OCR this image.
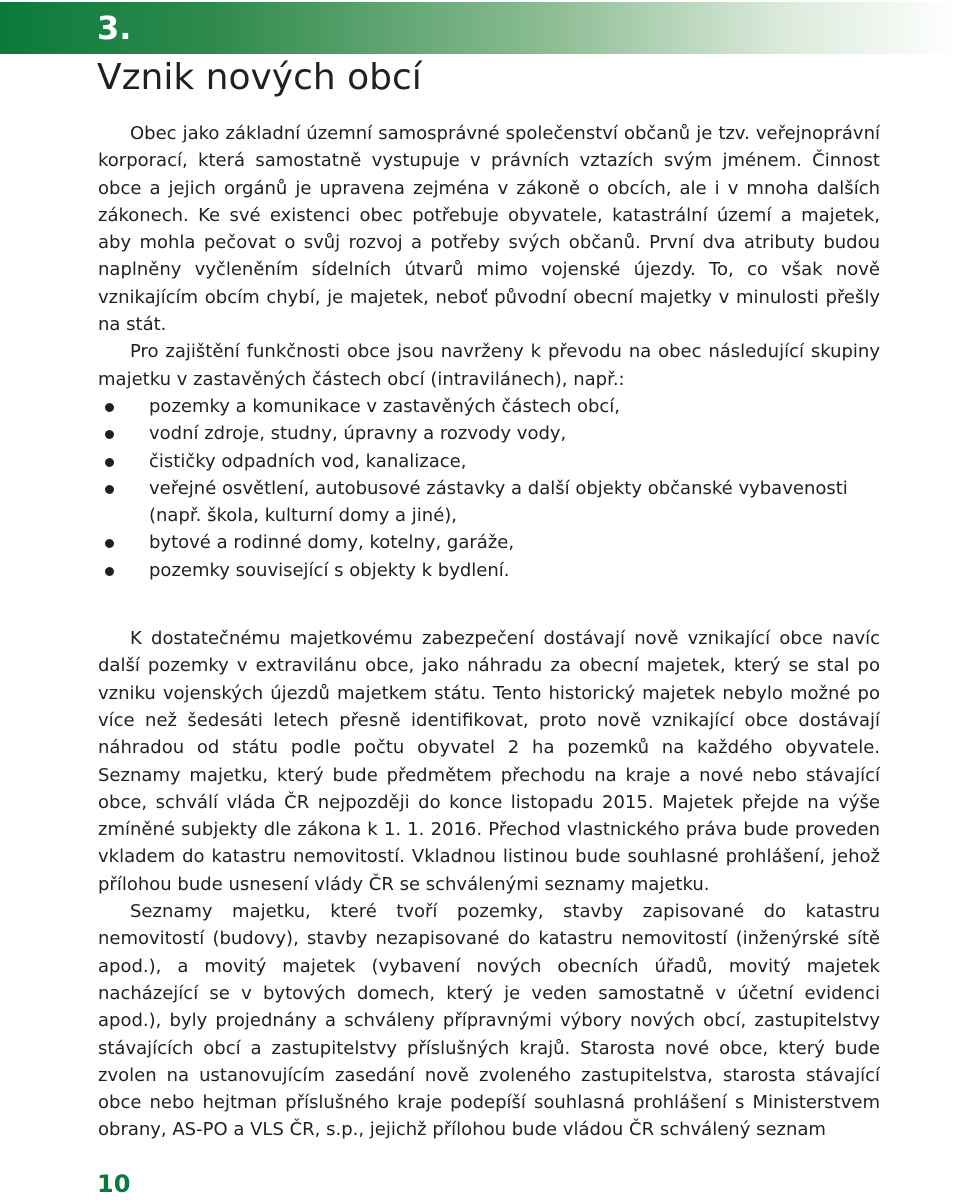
3.
Vznik nových obcí

Obec jako základní územní samosprávné společenství občanů je tzv. veřejnoprávní korporací, která samostatně vystupuje v právních vztazích svým jménem. Činnost obce a jejich orgánů je upravena zejména v zákoně o obcích, ale i v mnoha dalších zákonech. Ke své existenci obec potřebuje obyvatele, katastrální území a majetek, aby mohla pečovat o svůj rozvoj a potřeby svých občanů. První dva atributy budou naplněny vyčleněním sídelních útvarů mimo vojenské újezdy. To, co však nově vznikajícím obcím chybí, je majetek, neboť původní obecní majetky v minulosti přešly na stát.

Pro zajištění funkčnosti obce jsou navrženy k převodu na obec následující skupiny majetku v zastavěných částech obcí (intravilánech), např.:

pozemky a komunikace v zastavěných částech obcí,
vodní zdroje, studny, úpravny a rozvody vody,
čističky odpadních vod, kanalizace,
veřejné osvětlení, autobusové zástavky a další objekty občanské vybavenosti (např. škola, kulturní domy a jiné),
bytové a rodinné domy, kotelny, garáže,
pozemky související s objekty k bydlení.

K dostatečnému majetkovému zabezpečení dostávají nově vznikající obce navíc další pozemky v extravilánu obce, jako náhradu za obecní majetek, který se stal po vzniku vojenských újezdů majetkem státu. Tento historický majetek nebylo možné po více než šedesáti letech přesně identifikovat, proto nově vznikající obce dostávají náhradou od státu podle počtu obyvatel 2 ha pozemků na každého obyvatele. Seznamy majetku, který bude předmětem přechodu na kraje a nové nebo stávající obce, schválí vláda ČR nejpozději do konce listopadu 2015. Majetek přejde na výše zmíněné subjekty dle zákona k 1. 1. 2016. Přechod vlastnického práva bude proveden vkladem do katastru nemovitostí. Vkladnou listinou bude souhlasné prohlášení, jehož přílohou bude usnesení vlády ČR se schválenými seznamy majetku.

Seznamy majetku, které tvoří pozemky, stavby zapisované do katastru nemovitostí (budovy), stavby nezapisované do katastru nemovitostí (inženýrské sítě apod.), a movitý majetek (vybavení nových obecních úřadů, movitý majetek nacházející se v bytových domech, který je veden samostatně v účetní evidenci apod.), byly projednány a schváleny přípravnými výbory nových obcí, zastupitelstvy stávajících obcí a zastupitelstvy příslušných krajů. Starosta nové obce, který bude zvolen na ustanovujícím zasedání nově zvoleného zastupitelstva, starosta stávající obce nebo hejtman příslušného kraje podepíší souhlasná prohlášení s Ministerstvem obrany, AS-PO a VLS ČR, s.p., jejichž přílohou bude vládou ČR schválený seznam

10
